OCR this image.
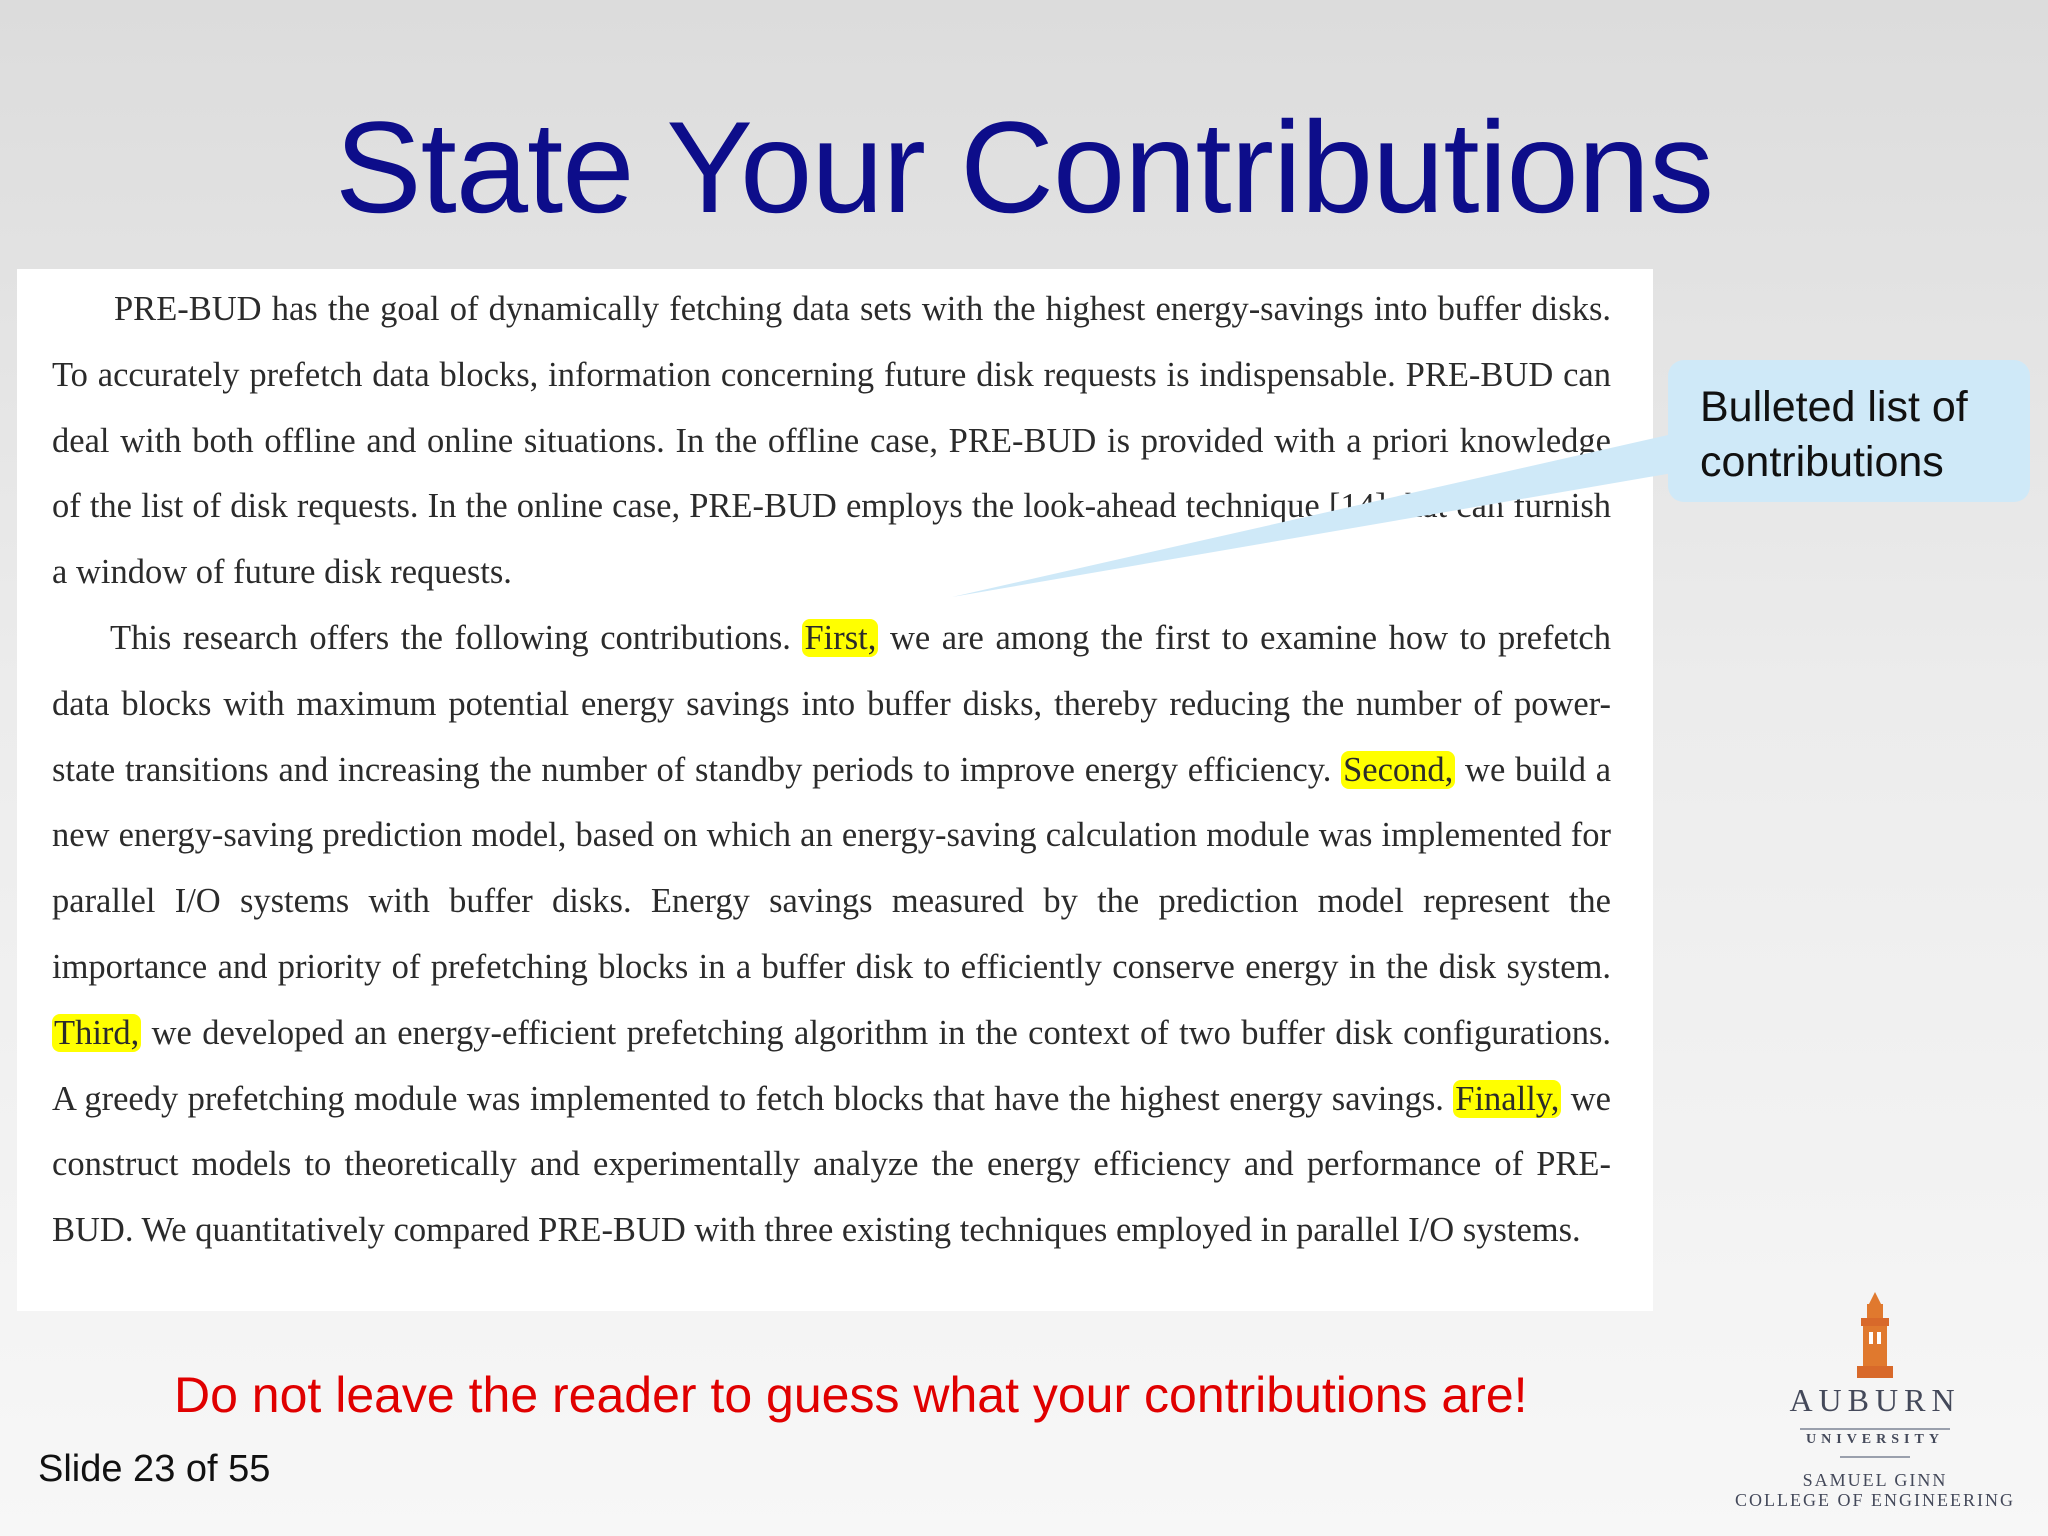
State Your Contributions

PRE-BUD has the goal of dynamically fetching data sets with the highest energy-savings into buffer disks. To accurately prefetch data blocks, information concerning future disk requests is indispensable. PRE-BUD can deal with both offline and online situations. In the offline case, PRE-BUD is provided with a priori knowledge of the list of disk requests. In the online case, PRE-BUD employs the look-ahead technique [14] that can furnish a window of future disk requests.

This research offers the following contributions. First, we are among the first to examine how to prefetch data blocks with maximum potential energy savings into buffer disks, thereby reducing the number of power-state transitions and increasing the number of standby periods to improve energy efficiency. Second, we build a new energy-saving prediction model, based on which an energy-saving calculation module was implemented for parallel I/O systems with buffer disks. Energy savings measured by the prediction model represent the importance and priority of prefetching blocks in a buffer disk to efficiently conserve energy in the disk system. Third, we developed an energy-efficient prefetching algorithm in the context of two buffer disk configurations. A greedy prefetching module was implemented to fetch blocks that have the highest energy savings. Finally, we construct models to theoretically and experimentally analyze the energy efficiency and performance of PRE-BUD. We quantitatively compared PRE-BUD with three existing techniques employed in parallel I/O systems.

Bulleted list of contributions
Do not leave the reader to guess what your contributions are!
Slide 23 of 55
AUBURN
UNIVERSITY
SAMUEL GINN
COLLEGE OF ENGINEERING
